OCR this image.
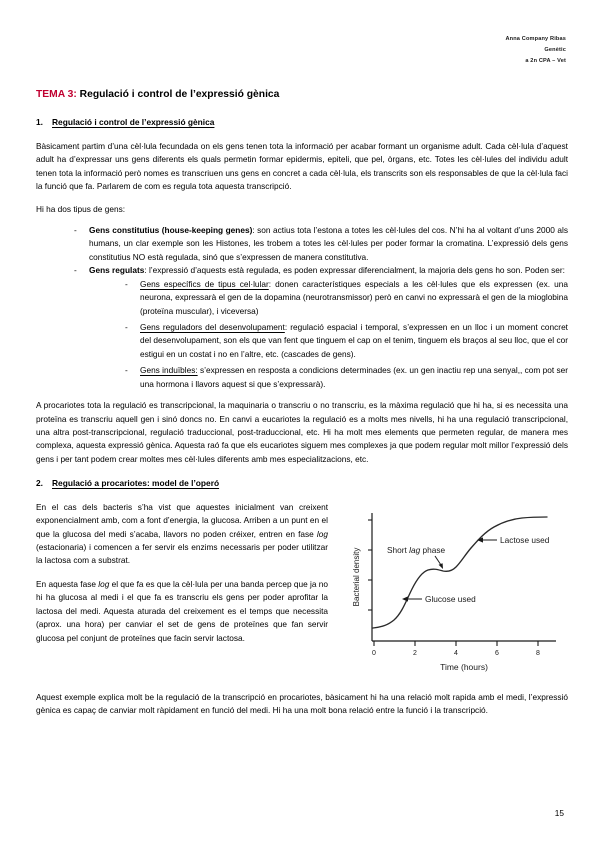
Anna Company Ribas
Genètic
a 2n CPA – Vet
TEMA 3: Regulació i control de l’expressió gènica
1. Regulació i control de l’expressió gènica

Bàsicament partim d’una cèl·lula fecundada on els gens tenen tota la informació per acabar formant un organisme adult. Cada cèl·lula d’aquest adult ha d’expressar uns gens diferents els quals permetin formar epidermis, epiteli, que pel, òrgans, etc. Totes les cèl·lules del individu adult tenen tota la informació però nomes es transcriuen uns gens en concret a cada cèl·lula, els transcrits son els responsables de que la cèl·lula faci la funció que fa. Parlarem de com es regula tota aquesta transcripció.

Hi ha dos tipus de gens:

- Gens constitutius (house-keeping genes): son actius tota l’estona a totes les cèl·lules del cos. N’hi ha al voltant d’uns 2000 als humans, un clar exemple son les Histones, les trobem a totes les cèl·lules per poder formar la cromatina. L’expressió dels gens constitutius NO està regulada, sinó que s’expressen de manera constitutiva.
- Gens regulats: l’expressió d’aquests està regulada, es poden expressar diferencialment, la majoria dels gens ho son. Poden ser:
- Gens específics de tipus cel·lular: donen característiques especials a les cèl·lules que els expressen (ex. una neurona, expressarà el gen de la dopamina (neurotransmissor) però en canvi no expressarà el gen de la mioglobina (proteïna muscular), i viceversa)
- Gens reguladors del desenvolupament: regulació espacial i temporal, s’expressen en un lloc i un moment concret del desenvolupament, son els que van fent que tinguem el cap on el tenim, tinguem els braços al seu lloc, que el cor estigui en un costat i no en l’altre, etc. (cascades de gens).
- Gens induïbles: s’expressen en resposta a condicions determinades (ex. un gen inactiu rep una senyal,, com pot ser una hormona i llavors aquest si que s’expressarà).

A procariotes tota la regulació es transcripcional, la maquinaria o transcriu o no transcriu, es la màxima regulació que hi ha, si es necessita una proteïna es transcriu aquell gen i sinó doncs no. En canvi a eucariotes la regulació es a molts mes nivells, hi ha una regulació transcripcional, una altra post-transcripcional, regulació traduccional, post-traduccional, etc. Hi ha molt mes elements que permeten regular, de manera mes complexa, aquesta expressió gènica. Aquesta raó fa que els eucariotes siguem mes complexes ja que podem regular molt millor l’expressió dels gens i per tant podem crear moltes mes cèl·lules diferents amb mes especialitzacions, etc.

2. Regulació a procariotes: model de l’operó
0	2	4	6	8
Time (hours)
Bacterial density	Glucose used
Short lag phase
Lactose used

En el cas dels bacteris s’ha vist que aquestes inicialment van creixent exponencialment amb, com a font d’energia, la glucosa. Arriben a un punt en el que la glucosa del medi s’acaba, llavors no poden créixer, entren en fase log (estacionaria) i comencen a fer servir els enzims necessaris per poder utilitzar la lactosa com a substrat.

En aquesta fase log el que fa es que la cèl·lula per una banda percep que ja no hi ha glucosa al medi i el que fa es transcriu els gens per poder aprofitar la lactosa del medi. Aquesta aturada del creixement es el temps que necessita (aprox. una hora) per canviar el set de gens de proteïnes que fan servir glucosa pel conjunt de proteïnes que facin servir lactosa.

Aquest exemple explica molt be la regulació de la transcripció en procariotes, bàsicament hi ha una relació molt rapida amb el medi, l’expressió gènica es capaç de canviar molt ràpidament en funció del medi. Hi ha una molt bona relació entre la funció i la transcripció.

15
